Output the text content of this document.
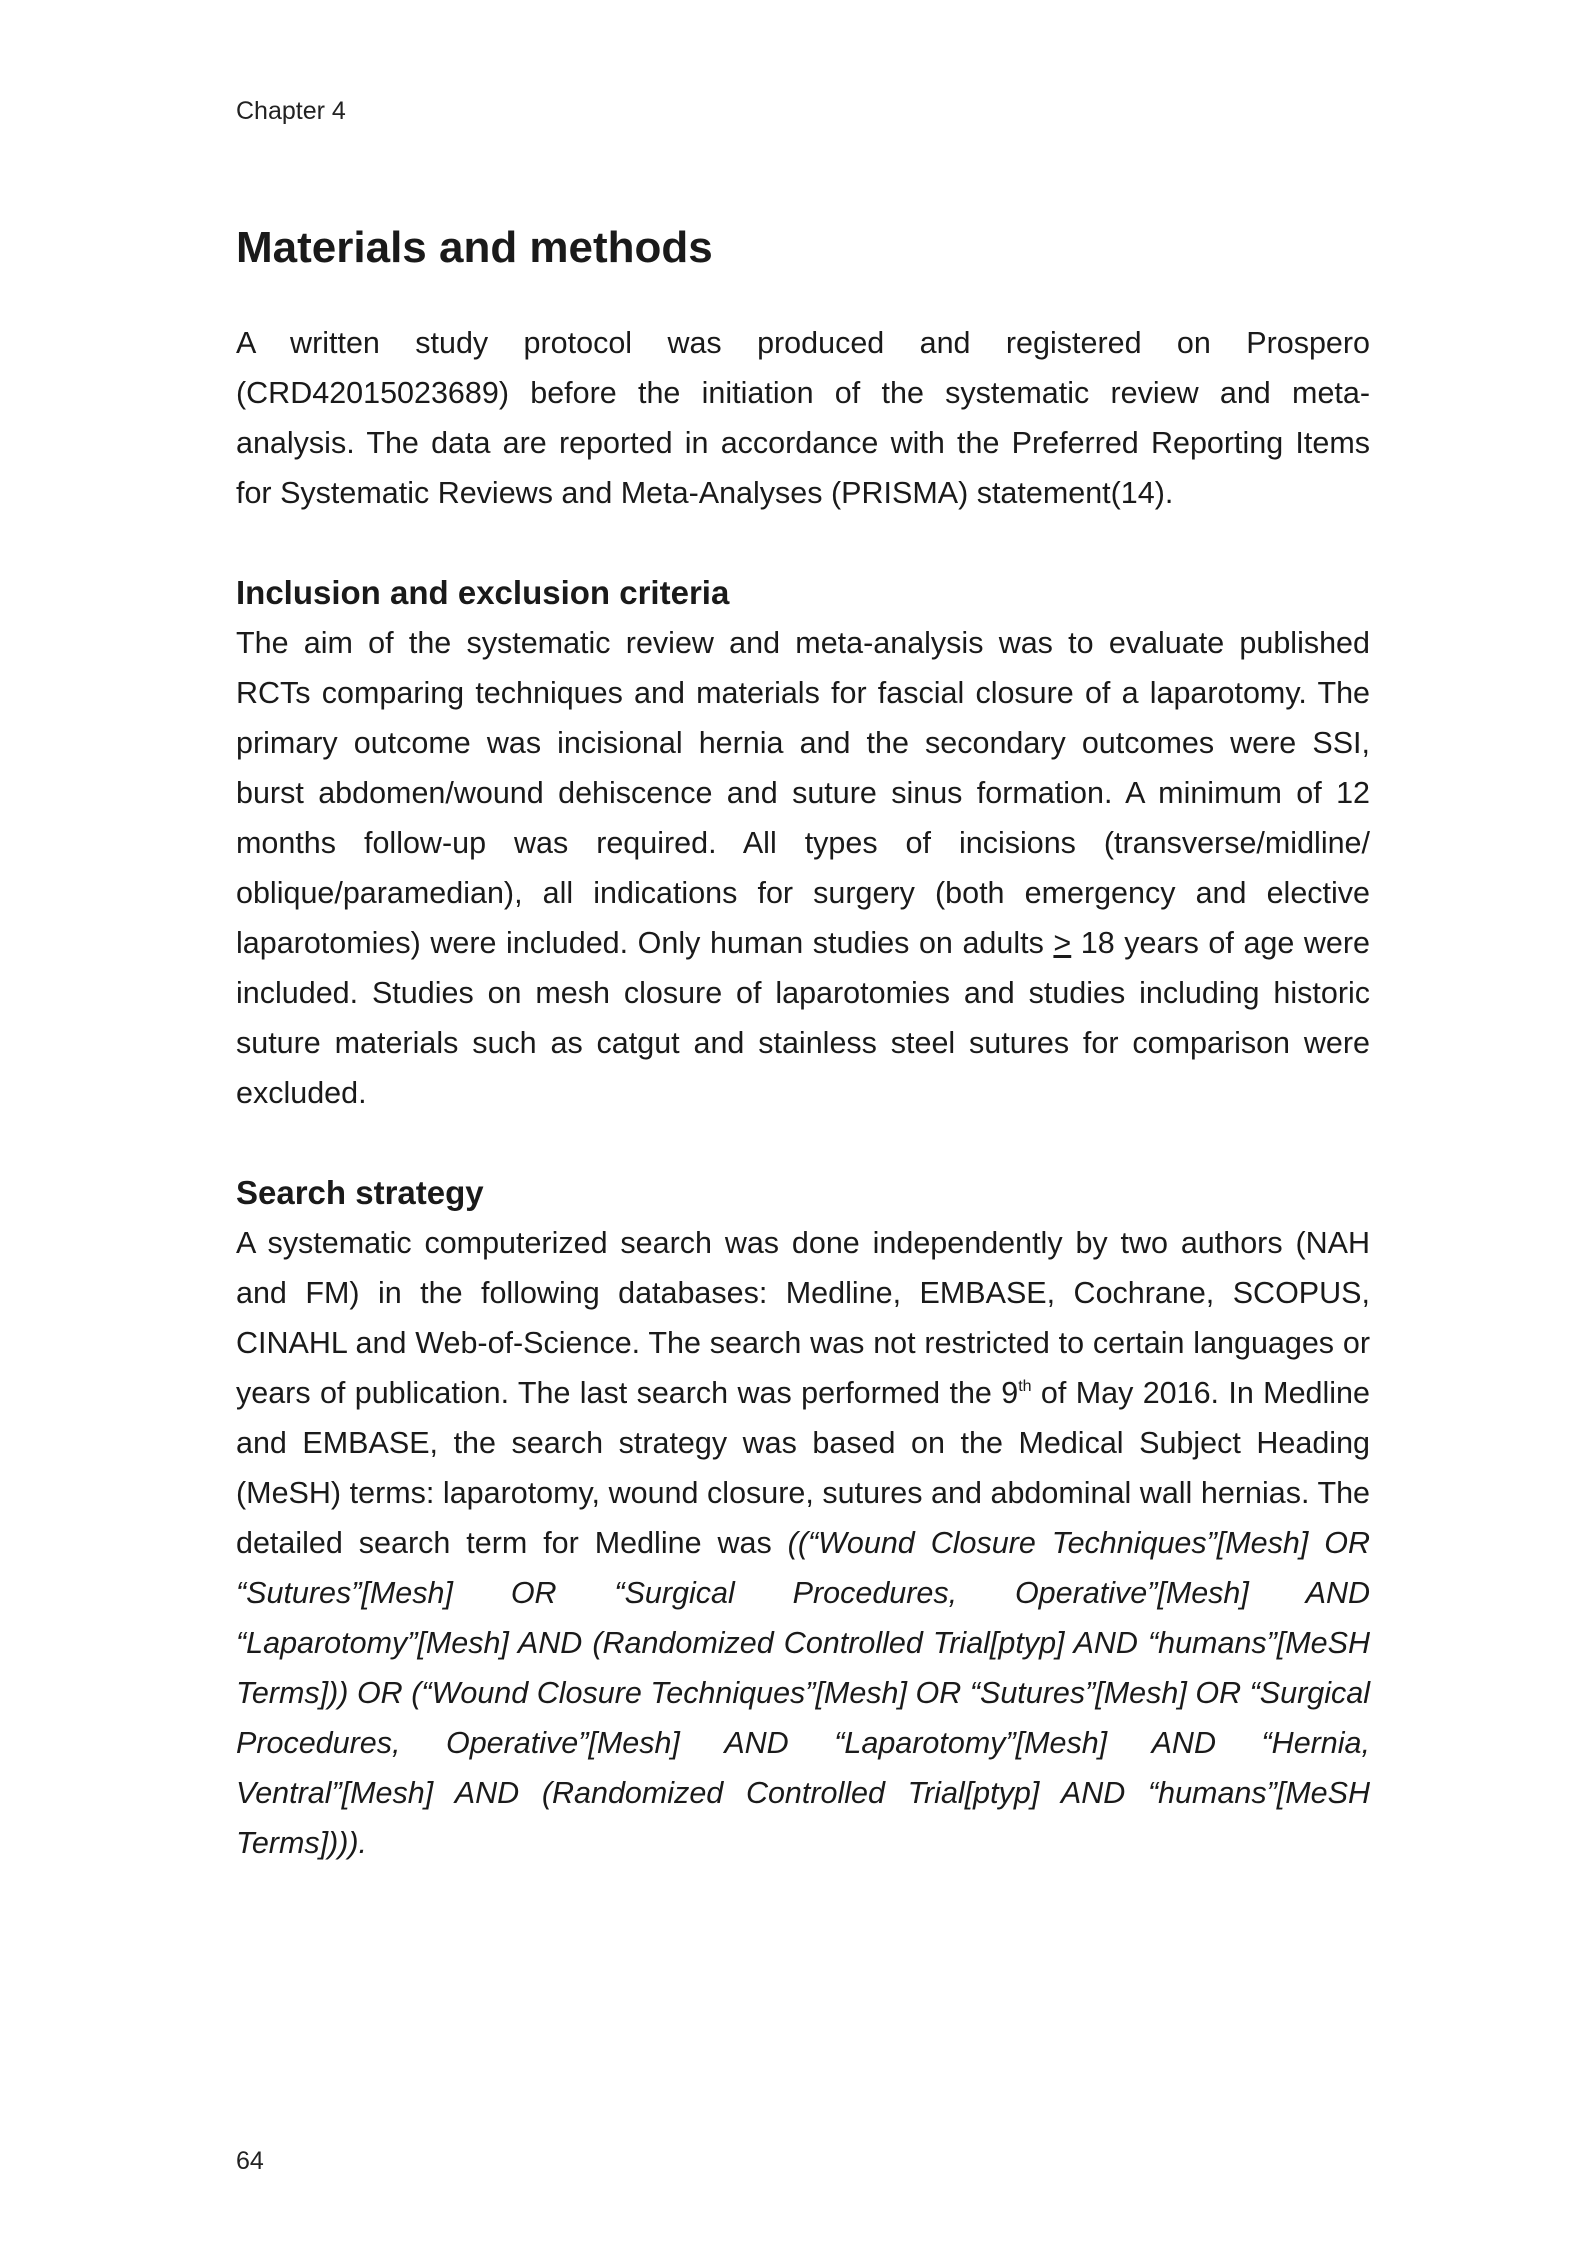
Chapter 4
Materials and methods

A written study protocol was produced and registered on Prospero (CRD42015023689) before the initiation of the systematic review and meta-analysis. The data are reported in accordance with the Preferred Reporting Items for Systematic Reviews and Meta-Analyses (PRISMA) statement(14).

Inclusion and exclusion criteria

The aim of the systematic review and meta-analysis was to evaluate published RCTs comparing techniques and materials for fascial closure of a laparotomy. The primary outcome was incisional hernia and the secondary outcomes were SSI, burst abdomen/wound dehiscence and suture sinus formation. A minimum of 12 months follow-up was required. All types of incisions (transverse/midline/ oblique/paramedian), all indications for surgery (both emergency and elective laparotomies) were included. Only human studies on adults ≥ 18 years of age were included. Studies on mesh closure of laparotomies and studies including historic suture materials such as catgut and stainless steel sutures for comparison were excluded.

Search strategy

A systematic computerized search was done independently by two authors (NAH and FM) in the following databases: Medline, EMBASE, Cochrane, SCOPUS, CINAHL and Web-of-Science. The search was not restricted to certain languages or years of publication. The last search was performed the 9th of May 2016. In Medline and EMBASE, the search strategy was based on the Medical Subject Heading (MeSH) terms: laparotomy, wound closure, sutures and abdominal wall hernias. The detailed search term for Medline was ((“Wound Closure Techniques”[Mesh] OR “Sutures”[Mesh] OR “Surgical Procedures, Operative”[Mesh] AND “Laparotomy”[Mesh] AND (Randomized Controlled Trial[ptyp] AND “humans”[MeSH Terms])) OR (“Wound Closure Techniques”[Mesh] OR “Sutures”[Mesh] OR “Surgical Procedures, Operative”[Mesh] AND “Laparotomy”[Mesh] AND “Hernia, Ventral”[Mesh] AND (Randomized Controlled Trial[ptyp] AND “humans”[MeSH Terms]))).

64
